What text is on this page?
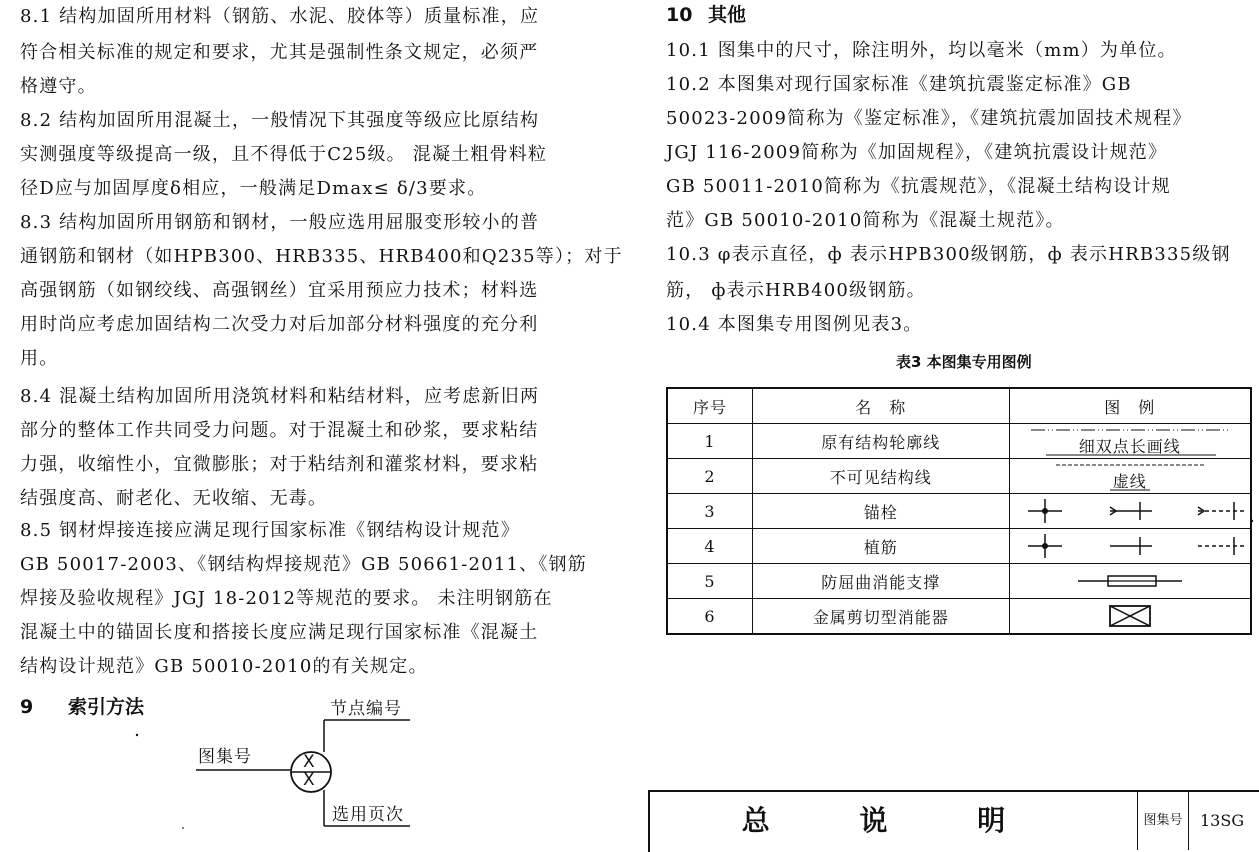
8.1 结构加固所用材料（钢筋、水泥、胶体等）质量标准，应
符合相关标准的规定和要求，尤其是强制性条文规定，必须严
格遵守。
8.2 结构加固所用混凝土，一般情况下其强度等级应比原结构
实测强度等级提高一级，且不得低于C25级。 混凝土粗骨料粒
径D应与加固厚度δ相应，一般满足Dmax≤ δ/3要求。
8.3 结构加固所用钢筋和钢材，一般应选用屈服变形较小的普
通钢筋和钢材（如HPB300、HRB335、HRB400和Q235等）；对于
高强钢筋（如钢绞线、高强钢丝）宜采用预应力技术；材料选
用时尚应考虑加固结构二次受力对后加部分材料强度的充分利
用。
8.4 混凝土结构加固所用浇筑材料和粘结材料，应考虑新旧两
部分的整体工作共同受力问题。对于混凝土和砂浆，要求粘结
力强，收缩性小，宜微膨胀；对于粘结剂和灌浆材料，要求粘
结强度高、耐老化、无收缩、无毒。
8.5 钢材焊接连接应满足现行国家标准《钢结构设计规范》
GB 50017-2003、《钢结构焊接规范》GB 50661-2011、《钢筋
焊接及验收规程》JGJ 18-2012等规范的要求。 未注明钢筋在
混凝土中的锚固长度和搭接长度应满足现行国家标准《混凝土
结构设计规范》GB 50010-2010的有关规定。
9 索引方法	节点编号
图集号
选用页次
X
X
10 其他
10.1 图集中的尺寸，除注明外，均以毫米（mm）为单位。
10.2 本图集对现行国家标准《建筑抗震鉴定标准》GB
50023-2009简称为《鉴定标准》，《建筑抗震加固技术规程》
JGJ 116-2009简称为《加固规程》，《建筑抗震设计规范》
GB 50011-2010简称为《抗震规范》，《混凝土结构设计规
范》GB 50010-2010简称为《混凝土规范》。
10.3 φ表示直径，ф 表示HPB300级钢筋，ф 表示HRB335级钢
筋， ф表示HRB400级钢筋。
10.4 本图集专用图例见表3。
表3 本图集专用图例
序号	名　称	图　例
1	原有结构轮廓线	细双点长画线

2	不可见结构线	虚线

3	锚栓	

4	植筋	

5	防屈曲消能支撑	

6	金属剪切型消能器	
总 说 明	图集号	13SG
